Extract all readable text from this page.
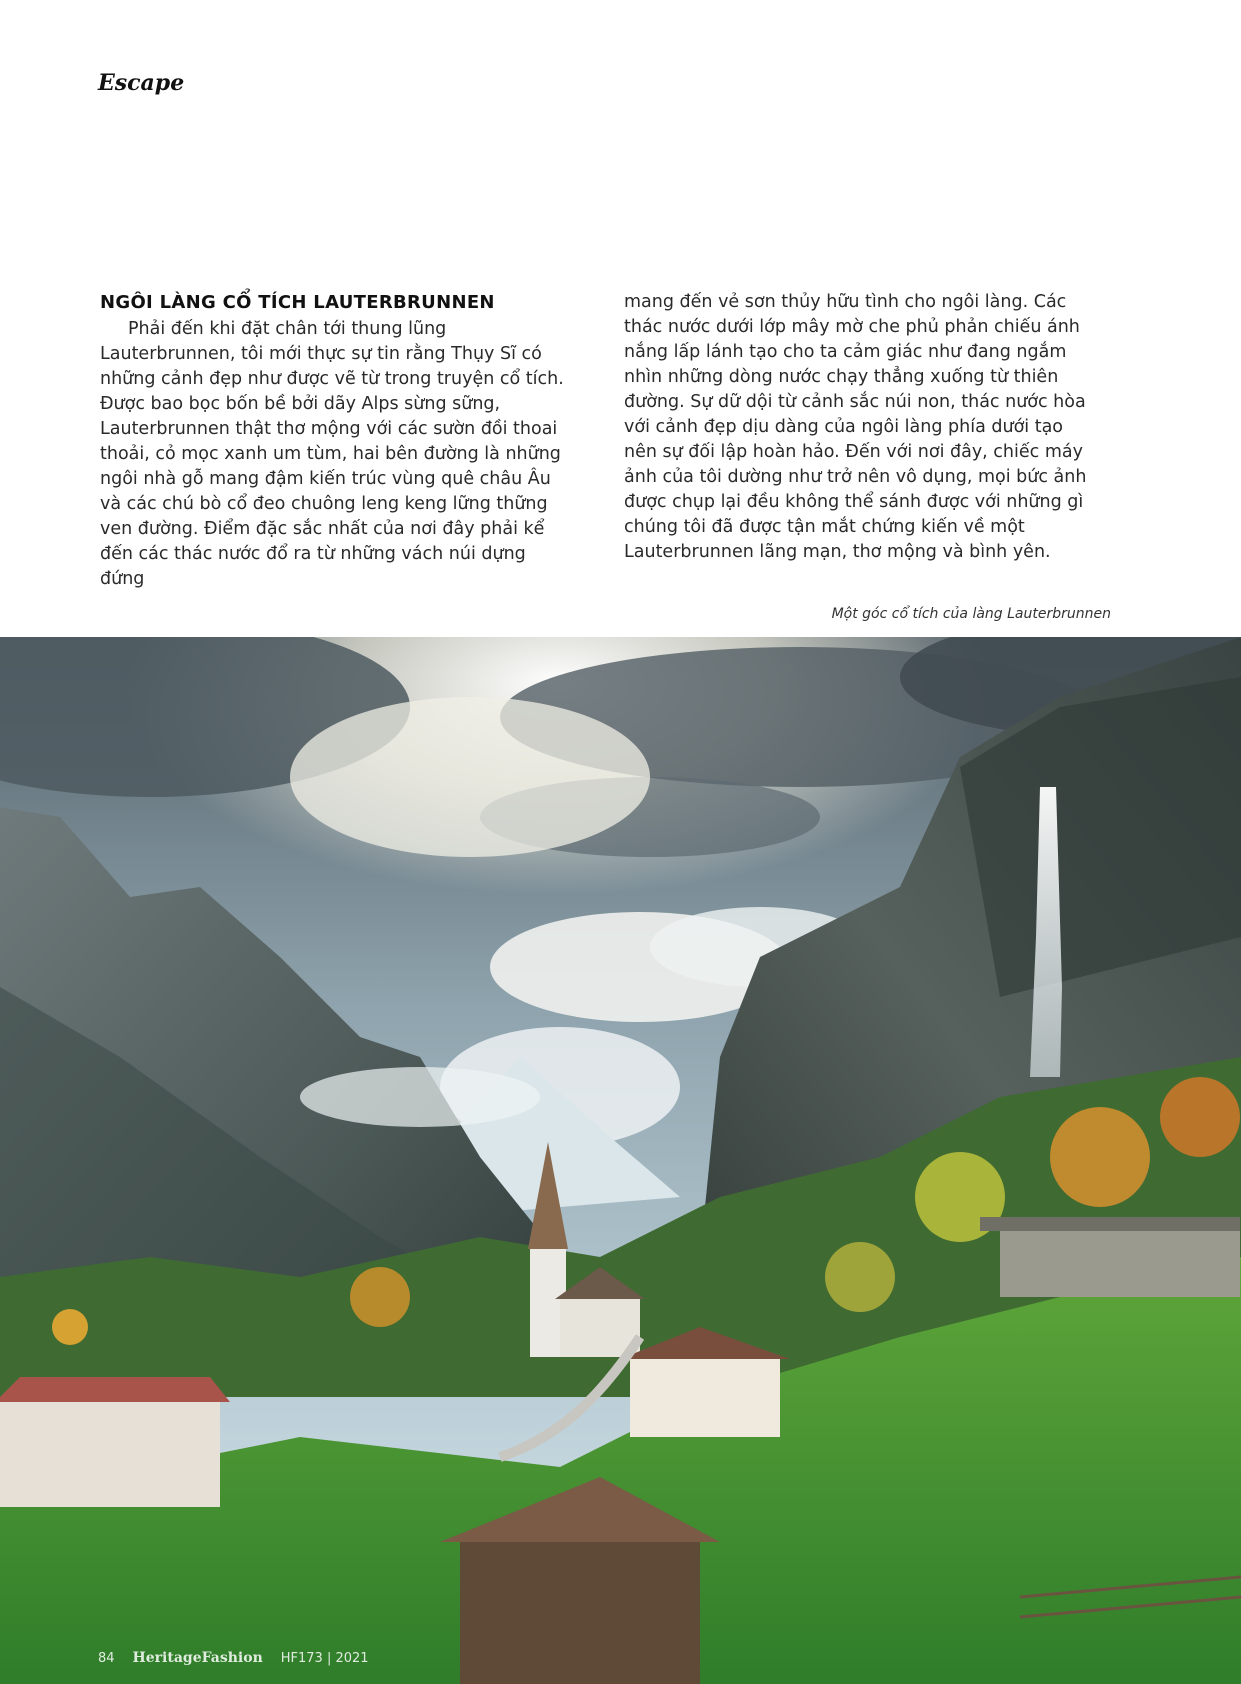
Escape
NGÔI LÀNG CỔ TÍCH LAUTERBRUNNEN

Phải đến khi đặt chân tới thung lũng Lauterbrunnen, tôi mới thực sự tin rằng Thụy Sĩ có những cảnh đẹp như được vẽ từ trong truyện cổ tích. Được bao bọc bốn bề bởi dãy Alps sừng sững, Lauterbrunnen thật thơ mộng với các sườn đồi thoai thoải, cỏ mọc xanh um tùm, hai bên đường là những ngôi nhà gỗ mang đậm kiến trúc vùng quê châu Âu và các chú bò cổ đeo chuông leng keng lững thững ven đường. Điểm đặc sắc nhất của nơi đây phải kể đến các thác nước đổ ra từ những vách núi dựng đứng

mang đến vẻ sơn thủy hữu tình cho ngôi làng. Các thác nước dưới lớp mây mờ che phủ phản chiếu ánh nắng lấp lánh tạo cho ta cảm giác như đang ngắm nhìn những dòng nước chạy thẳng xuống từ thiên đường. Sự dữ dội từ cảnh sắc núi non, thác nước hòa với cảnh đẹp dịu dàng của ngôi làng phía dưới tạo nên sự đối lập hoàn hảo. Đến với nơi đây, chiếc máy ảnh của tôi dường như trở nên vô dụng, mọi bức ảnh được chụp lại đều không thể sánh được với những gì chúng tôi đã được tận mắt chứng kiến về một Lauterbrunnen lãng mạn, thơ mộng và bình yên.

Một góc cổ tích của làng Lauterbrunnen
84 HeritageFashion HF173 | 2021
